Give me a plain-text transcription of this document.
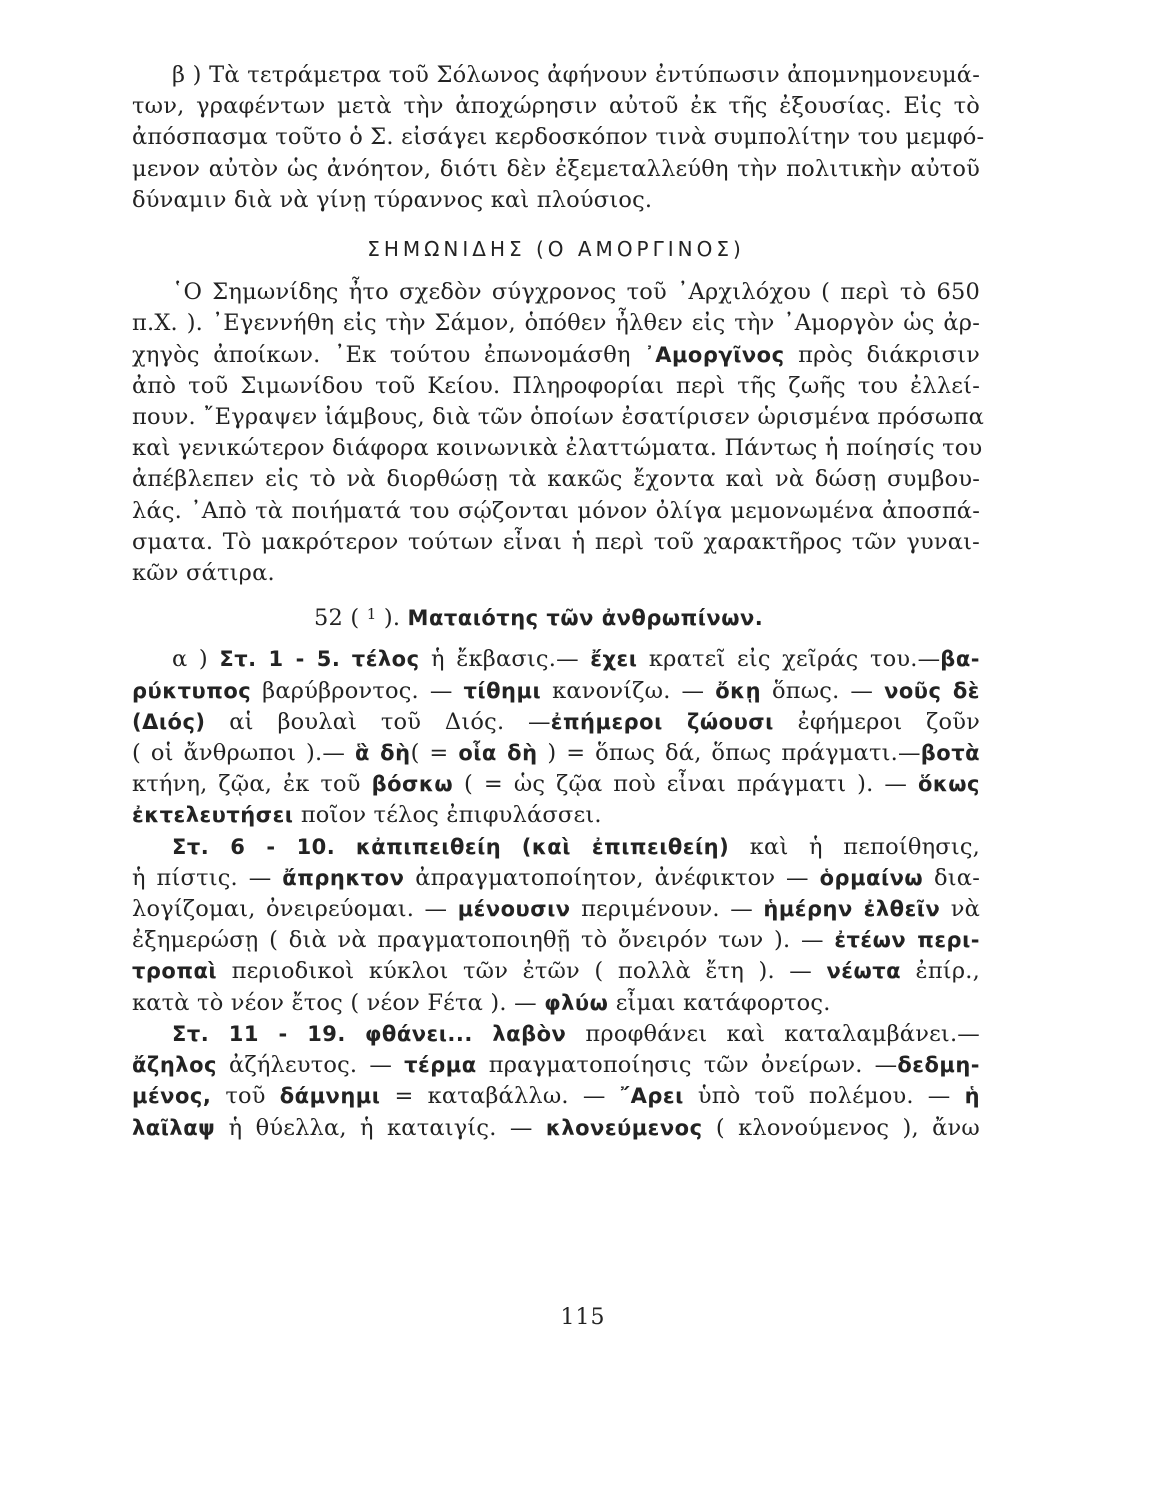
β ) Τὰ τετράμετρα τοῦ Σόλωνος ἀφήνουν ἐντύπωσιν ἀπομνημονευμά-
των, γραφέντων μετὰ τὴν ἀποχώρησιν αὐτοῦ ἐκ τῆς ἐξουσίας. Εἰς τὸ
ἀπόσπασμα τοῦτο ὁ Σ. εἰσάγει κερδοσκόπον τινὰ συμπολίτην του μεμφό-
μενον αὐτὸν ὡς ἀνόητον, διότι δὲν ἐξεμεταλλεύθη τὴν πολιτικὴν αὐτοῦ
δύναμιν διὰ νὰ γίνῃ τύραννος καὶ πλούσιος.

ΣΗΜΩΝΙΔΗΣ (Ο ΑΜΟΡΓΙΝΟΣ)

῾Ο Σημωνίδης ἦτο σχεδὸν σύγχρονος τοῦ ᾿Αρχιλόχου ( περὶ τὸ 650
π.Χ. ). ᾿Εγεννήθη εἰς τὴν Σάμον, ὁπόθεν ἦλθεν εἰς τὴν ᾿Αμοργὸν ὡς ἀρ-
χηγὸς ἀποίκων. ᾿Εκ τούτου ἐπωνομάσθη ᾿Αμοργῖνος πρὸς διάκρισιν
ἀπὸ τοῦ Σιμωνίδου τοῦ Κείου. Πληροφορίαι περὶ τῆς ζωῆς του ἐλλεί-
πουν. ῎Εγραψεν ἰάμβους, διὰ τῶν ὁποίων ἐσατίρισεν ὡρισμένα πρόσωπα
καὶ γενικώτερον διάφορα κοινωνικὰ ἐλαττώματα. Πάντως ἡ ποίησίς του
ἀπέβλεπεν εἰς τὸ νὰ διορθώσῃ τὰ κακῶς ἔχοντα καὶ νὰ δώσῃ συμβου-
λάς. ᾿Απὸ τὰ ποιήματά του σῴζονται μόνον ὀλίγα μεμονωμένα ἀποσπά-
σματα. Τὸ μακρότερον τούτων εἶναι ἡ περὶ τοῦ χαρακτῆρος τῶν γυναι-
κῶν σάτιρα.

52 ( $^1$ ). Ματαιότης τῶν ἀνθρωπίνων.

α ) Στ. 1 - 5. τέλος ἡ ἔκβασις.— ἔχει κρατεῖ εἰς χεῖράς του.—βα-
ρύκτυπος βαρύβροντος. — τίθημι κανονίζω. — ὄκῃ ὅπως. — νοῦς δὲ
(Διός) αἱ βουλαὶ τοῦ Διός. —ἐπήμεροι ζώουσι ἐφήμεροι ζοῦν
( οἱ ἄνθρωποι ).— ἃ δὴ( = οἷα δὴ ) = ὅπως δά, ὅπως πράγματι.—βοτὰ
κτήνη, ζῷα, ἐκ τοῦ βόσκω ( = ὡς ζῷα ποὺ εἶναι πράγματι ). — ὅκως
ἐκτελευτήσει ποῖον τέλος ἐπιφυλάσσει.

Στ. 6 - 10. κἀπιπειθείη (καὶ ἐπιπειθείη) καὶ ἡ πεποίθησις,
ἡ πίστις. — ἄπρηκτον ἀπραγματοποίητον, ἀνέφικτον — ὁρμαίνω δια-
λογίζομαι, ὀνειρεύομαι. — μένουσιν περιμένουν. — ἡμέρην ἐλθεῖν νὰ
ἐξημερώσῃ ( διὰ νὰ πραγματοποιηθῇ τὸ ὄνειρόν των ). — ἐτέων περι-
τροπαὶ περιοδικοὶ κύκλοι τῶν ἐτῶν ( πολλὰ ἔτη ). — νέωτα ἐπίρ.,
κατὰ τὸ νέον ἔτος ( νέον Fέτα ). — φλύω εἶμαι κατάφορτος.

Στ. 11 - 19. φθάνει... λαβὸν προφθάνει καὶ καταλαμβάνει.—
ἄζηλος ἀζήλευτος. — τέρμα πραγματοποίησις τῶν ὀνείρων. —δεδμη-
μένος, τοῦ δάμνημι = καταβάλλω. — ῎Αρει ὑπὸ τοῦ πολέμου. — ἡ
λαῖλαψ ἡ θύελλα, ἡ καταιγίς. — κλονεύμενος ( κλονούμενος ), ἄνω

115
